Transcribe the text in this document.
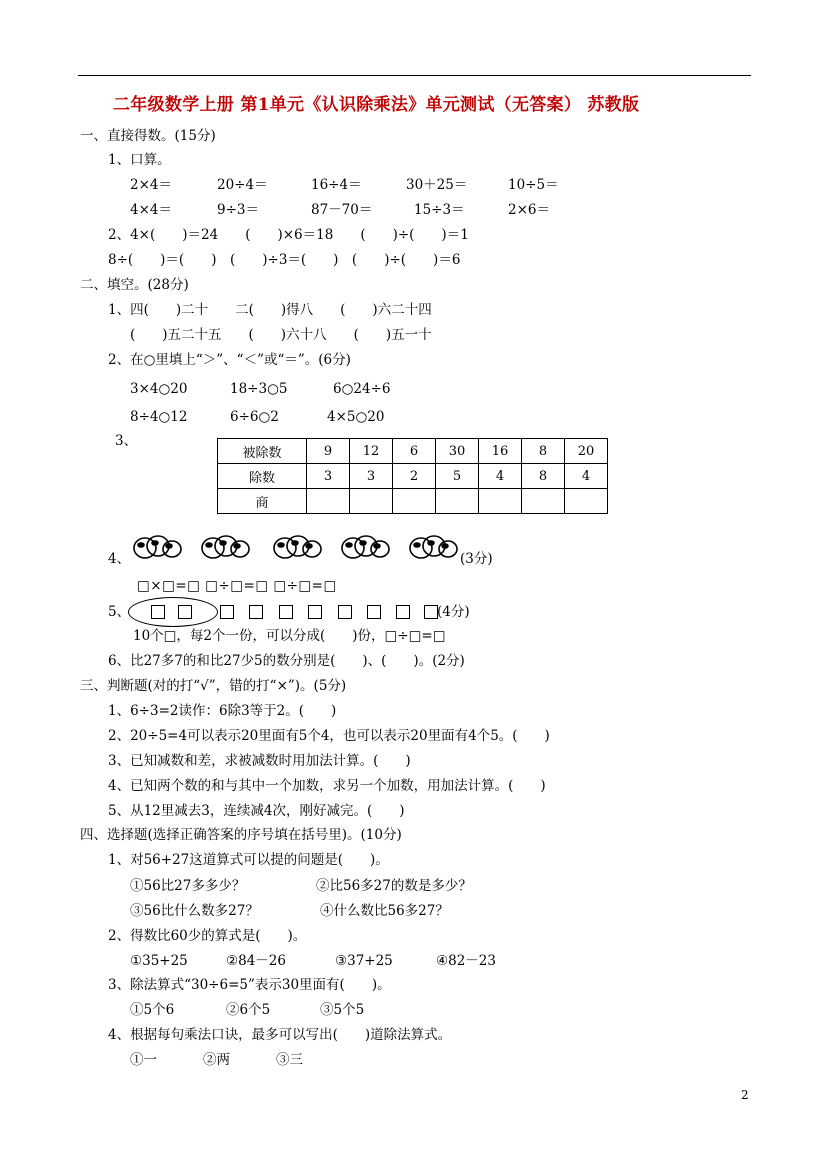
二年级数学上册 第1单元《认识除乘法》单元测试（无答案） 苏教版
一、直接得数。(15分)
1、口算。
2×4＝	20÷4＝	16÷4＝	30＋25＝	10÷5＝
4×4＝	9÷3＝	87－70＝	15÷3＝	2×6＝
2、4×(　　)＝24　　(　　)×6＝18　　(　　)÷(　　)＝1
8÷(　　)＝(　　)　(　　)÷3＝(　　)　(　　)÷(　　)＝6
二、填空。(28分)
1、四(　　)二十　　二(　　)得八　　(　　)六二十四
(　　)五二十五　　(　　)六十八　　(　　)五一十
2、在○里填上“＞”、“＜”或“＝”。(6分)
3×4○20	18÷3○5	6○24÷6
8÷4○12	6÷6○2	4×5○20
3、
被除数	9	12	6	30	16	8	20
除数	3	3	2	5	4	8	4
商							
4、	(3分)
□×□=□ □÷□=□ □÷□=□
5、	(4分)
10个□，每2个一份，可以分成(　　)份，□÷□=□
6、比27多7的和比27少5的数分别是(　　)、(　　)。(2分)
三、判断题(对的打“√”，错的打“×”)。(5分)
1、6÷3=2读作：6除3等于2。(　　)
2、20÷5=4可以表示20里面有5个4，也可以表示20里面有4个5。(　　)
3、已知减数和差，求被减数时用加法计算。(　　)
4、已知两个数的和与其中一个加数，求另一个加数，用加法计算。(　　)
5、从12里减去3，连续减4次，刚好减完。(　　)
四、选择题(选择正确答案的序号填在括号里)。(10分)
1、对56+27这道算式可以提的问题是(　　)。
①56比27多多少？	②比56多27的数是多少？
③56比什么数多27？	④什么数比56多27？
2、得数比60少的算式是(　　)。
①35+25	②84－26	③37+25	④82－23
3、除法算式“30÷6=5”表示30里面有(　　)。
①5个6	②6个5	③5个5
4、根据每句乘法口诀，最多可以写出(　　)道除法算式。
①一	②两	③三
2
